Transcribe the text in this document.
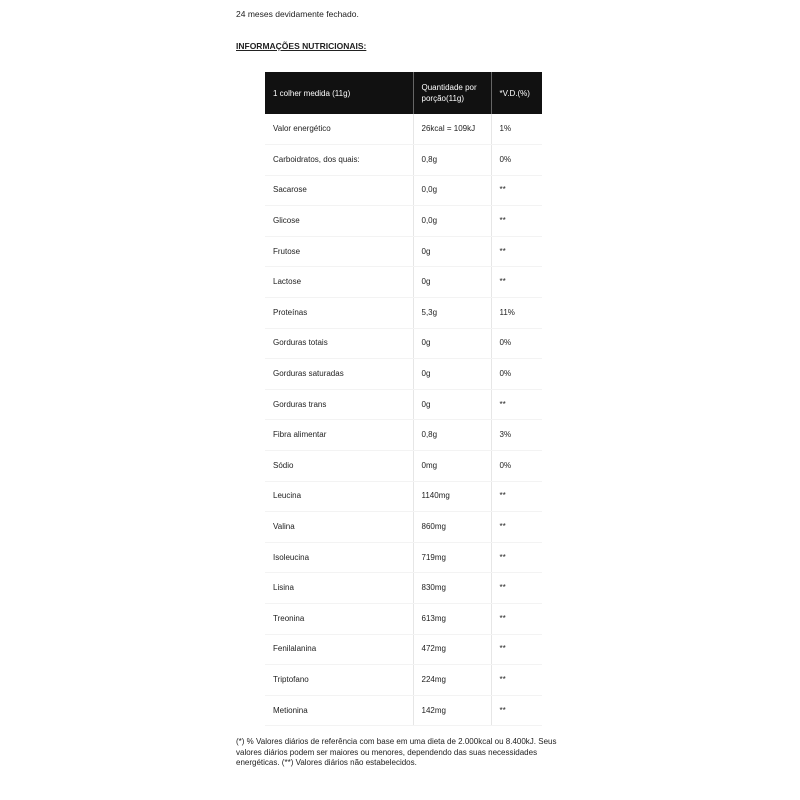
24 meses devidamente fechado.

INFORMAÇÕES NUTRICIONAIS:

1 colher medida (11g)	Quantidade por porção(11g)	*V.D.(%)
Valor energético	26kcal = 109kJ	1%
Carboidratos, dos quais:	0,8g	0%
Sacarose	0,0g	**
Glicose	0,0g	**
Frutose	0g	**
Lactose	0g	**
Proteínas	5,3g	11%
Gorduras totais	0g	0%
Gorduras saturadas	0g	0%
Gorduras trans	0g	**
Fibra alimentar	0,8g	3%
Sódio	0mg	0%
Leucina	1140mg	**
Valina	860mg	**
Isoleucina	719mg	**
Lisina	830mg	**
Treonina	613mg	**
Fenilalanina	472mg	**
Triptofano	224mg	**
Metionina	142mg	**

(*) % Valores diários de referência com base em uma dieta de 2.000kcal ou 8.400kJ. Seus valores diários podem ser maiores ou menores, dependendo das suas necessidades energéticas. (**) Valores diários não estabelecidos.
